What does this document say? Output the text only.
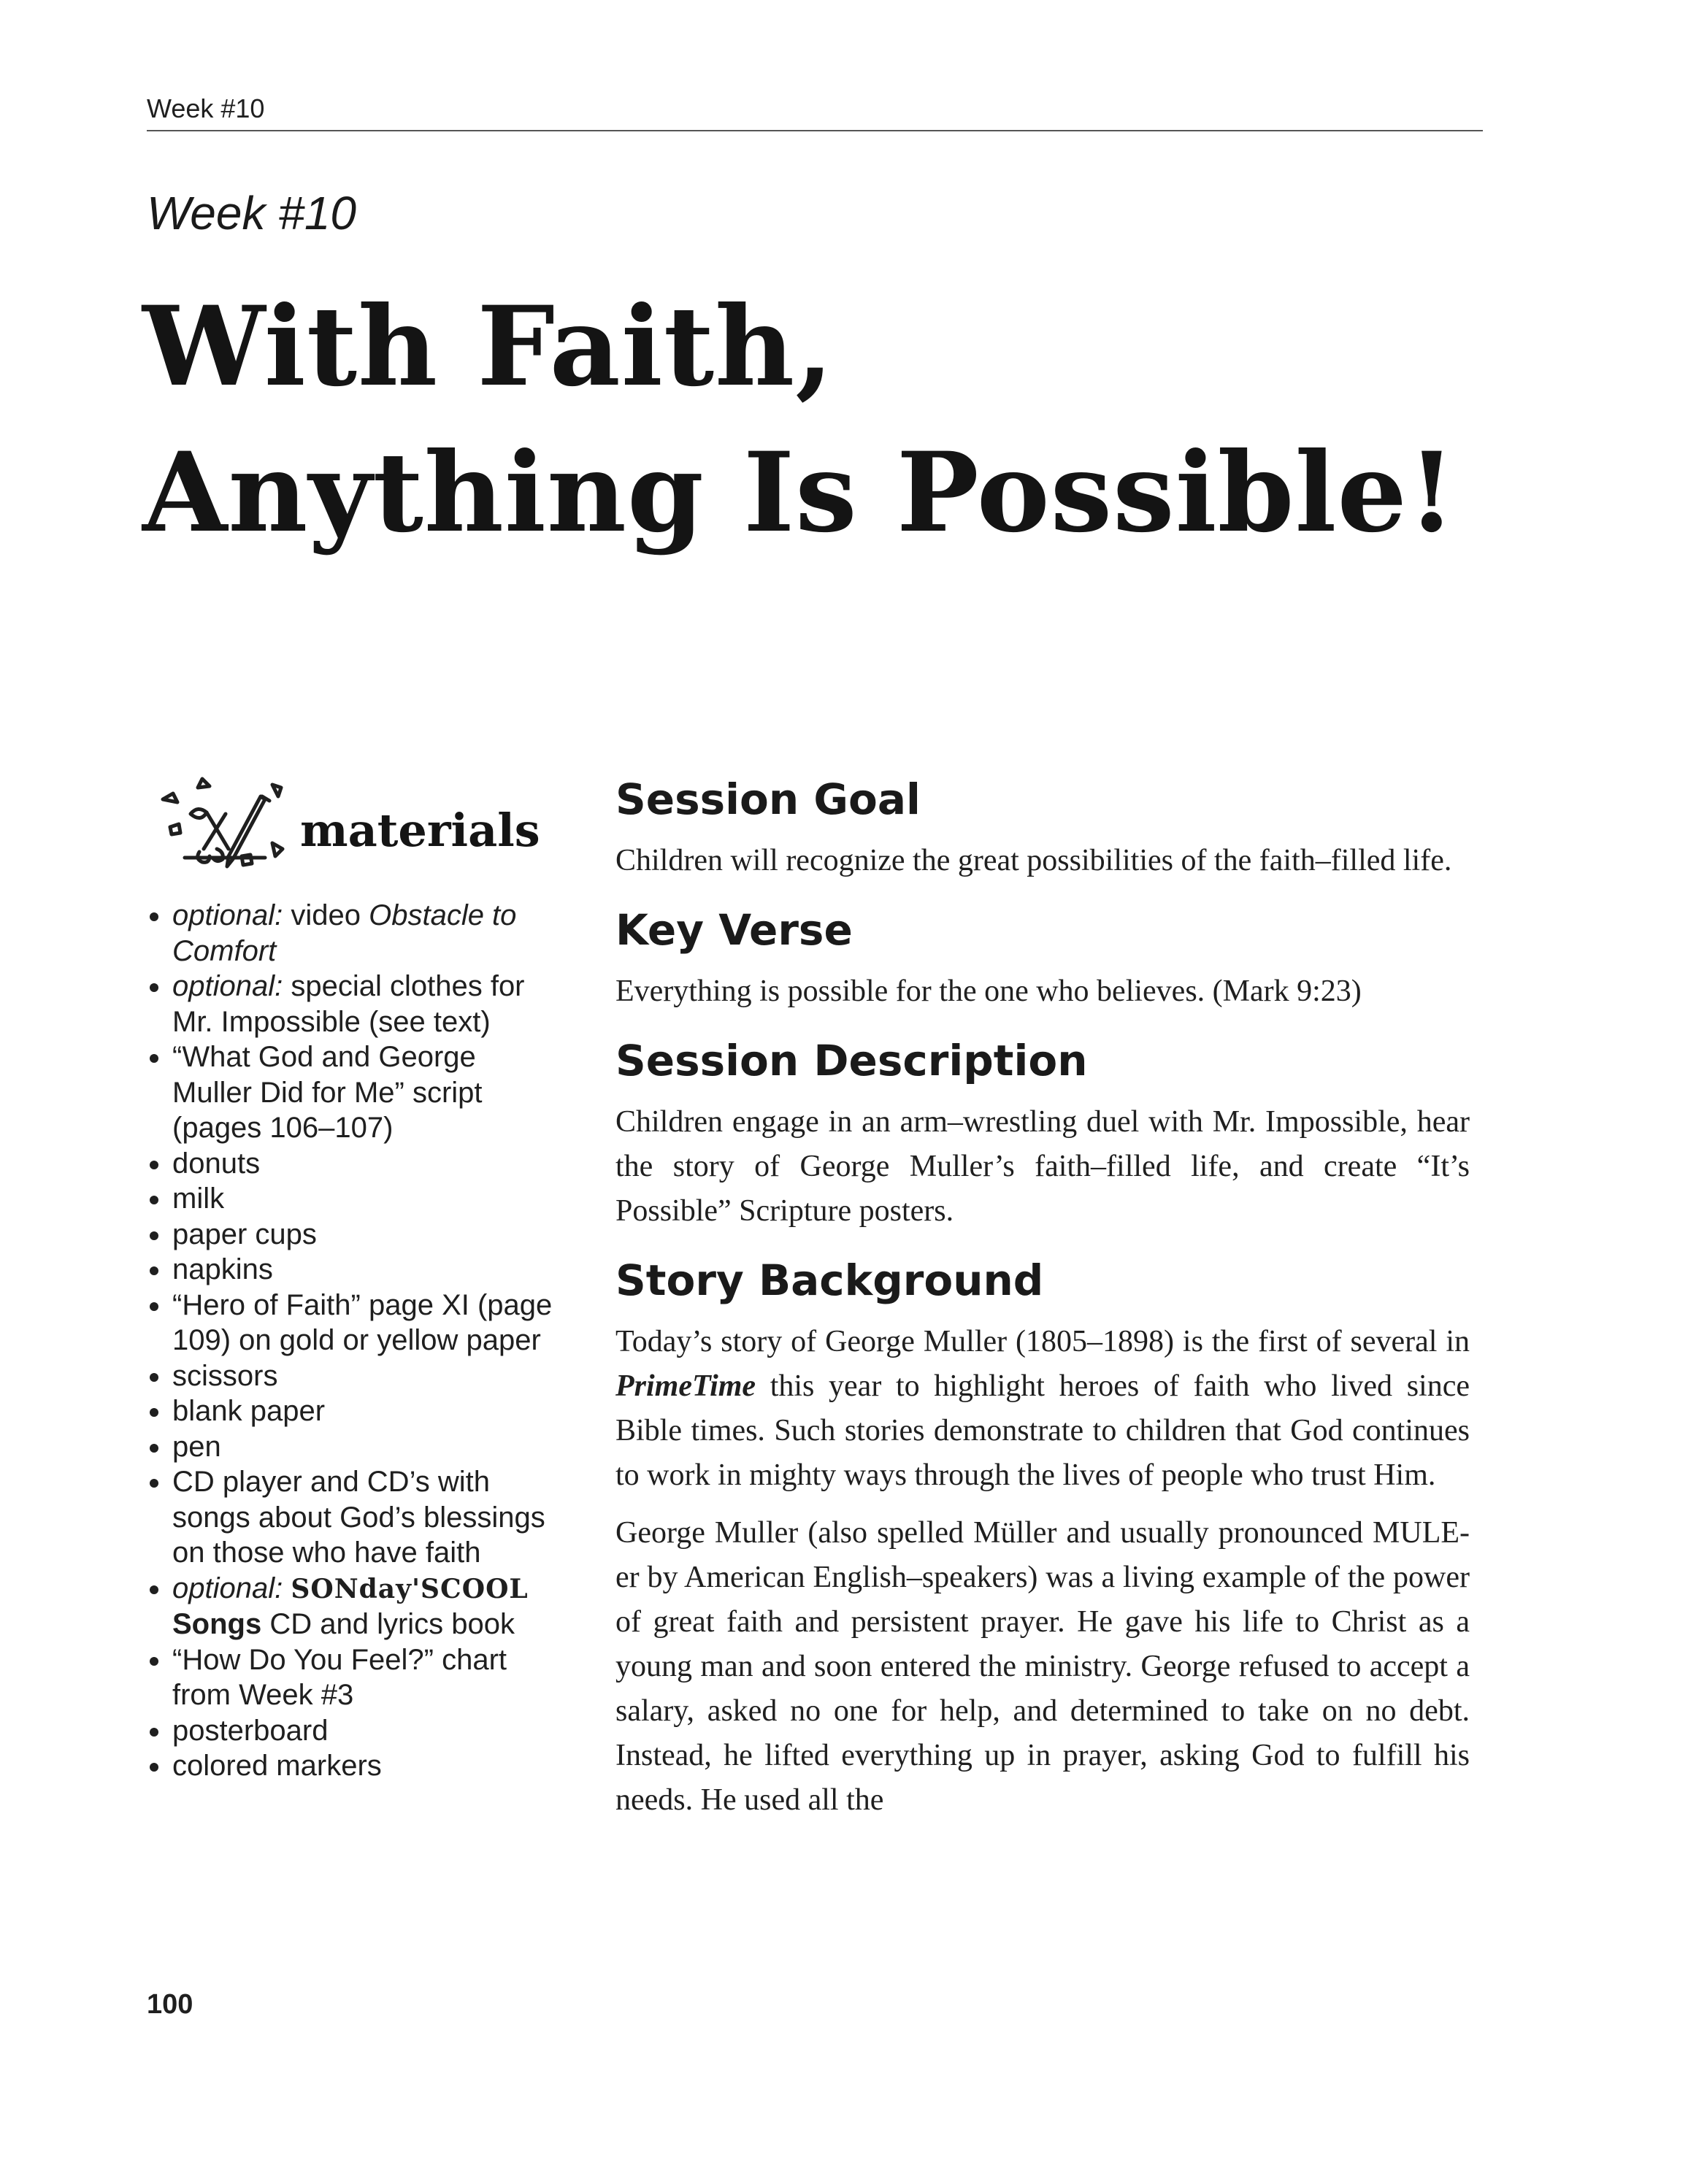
Week #10
Week #10
With Faith,
Anything Is Possible!
materials
optional: video Obstacle to Comfort
optional: special clothes for Mr. Impossible (see text)
“What God and George Muller Did for Me” script (pages 106–107)
donuts
milk
paper cups
napkins
“Hero of Faith” page XI (page 109) on gold or yellow paper
scissors
blank paper
pen
CD player and CD’s with songs about God’s blessings on those who have faith
optional: SONday'SCOOL Songs CD and lyrics book
“How Do You Feel?” chart from Week #3
posterboard
colored markers
Session Goal

Children will recognize the great possibilities of the faith–filled life.

Key Verse

Everything is possible for the one who believes. (Mark 9:23)

Session Description

Children engage in an arm–wrestling duel with Mr. Impossible, hear the story of George Muller’s faith–filled life, and create “It’s Possible” Scripture posters.

Story Background

Today’s story of George Muller (1805–1898) is the first of several in PrimeTime this year to highlight heroes of faith who lived since Bible times. Such stories demonstrate to children that God continues to work in mighty ways through the lives of people who trust Him.

George Muller (also spelled Müller and usually pronounced MULE-er by American English–speakers) was a living example of the power of great faith and persistent prayer. He gave his life to Christ as a young man and soon entered the ministry. George refused to accept a salary, asked no one for help, and determined to take on no debt. Instead, he lifted everything up in prayer, asking God to fulfill his needs. He used all the

100
